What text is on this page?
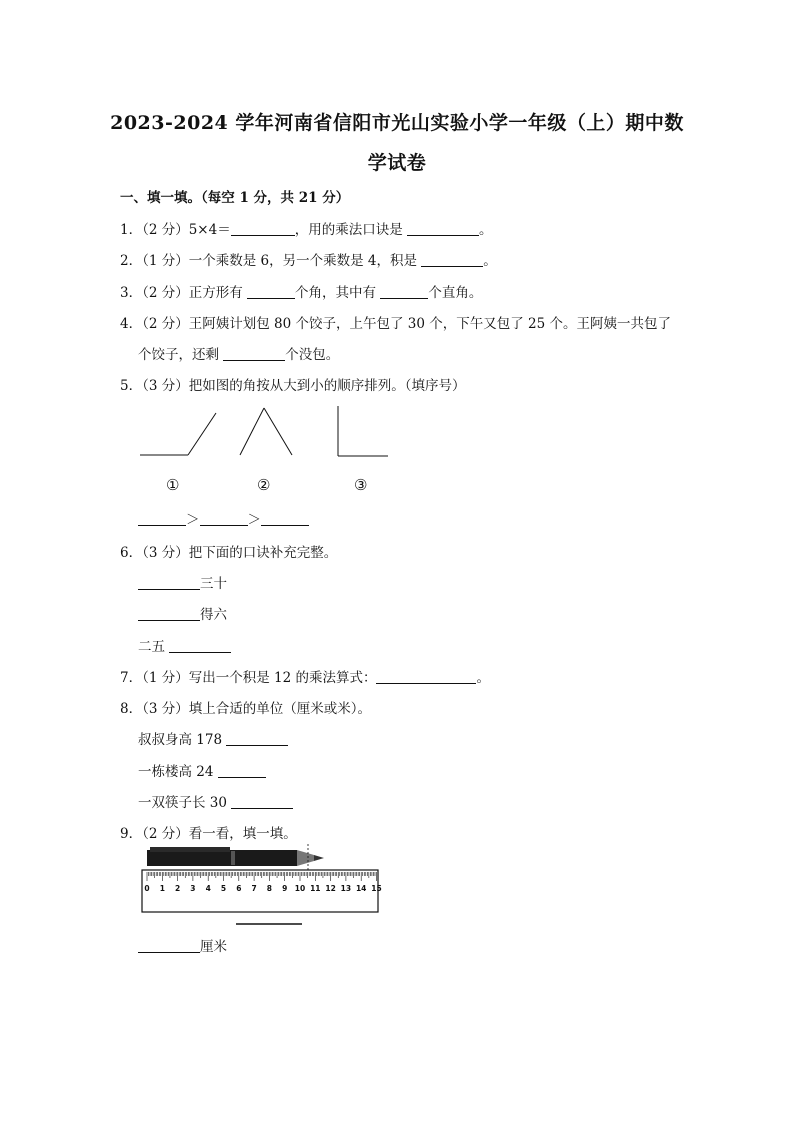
2023-2024 学年河南省信阳市光山实验小学一年级（上）期中数
学试卷
一、填一填。（每空 1 分，共 21 分）
1．（2 分）5×4＝	，用的乘法口诀是	。
2．（1 分）一个乘数是 6，另一个乘数是 4，积是	。
3．（2 分）正方形有	个角，其中有	个直角。
4．（2 分）王阿姨计划包 80 个饺子，上午包了 30 个，下午又包了 25 个。王阿姨一共包了
个饺子，还剩	个没包。
5．（3 分）把如图的角按从大到小的顺序排列。（填序号）
①	②	③
＞	＞
6．（3 分）把下面的口诀补充完整。
三十
得六
二五
7．（1 分）写出一个积是 12 的乘法算式：	。
8．（3 分）填上合适的单位（厘米或米）。
叔叔身高 178
一栋楼高 24
一双筷子长 30
9．（2 分）看一看，填一填。
0 1 2 3 4 5 6 7 8 9 10 11 12 13 14 15
厘米
